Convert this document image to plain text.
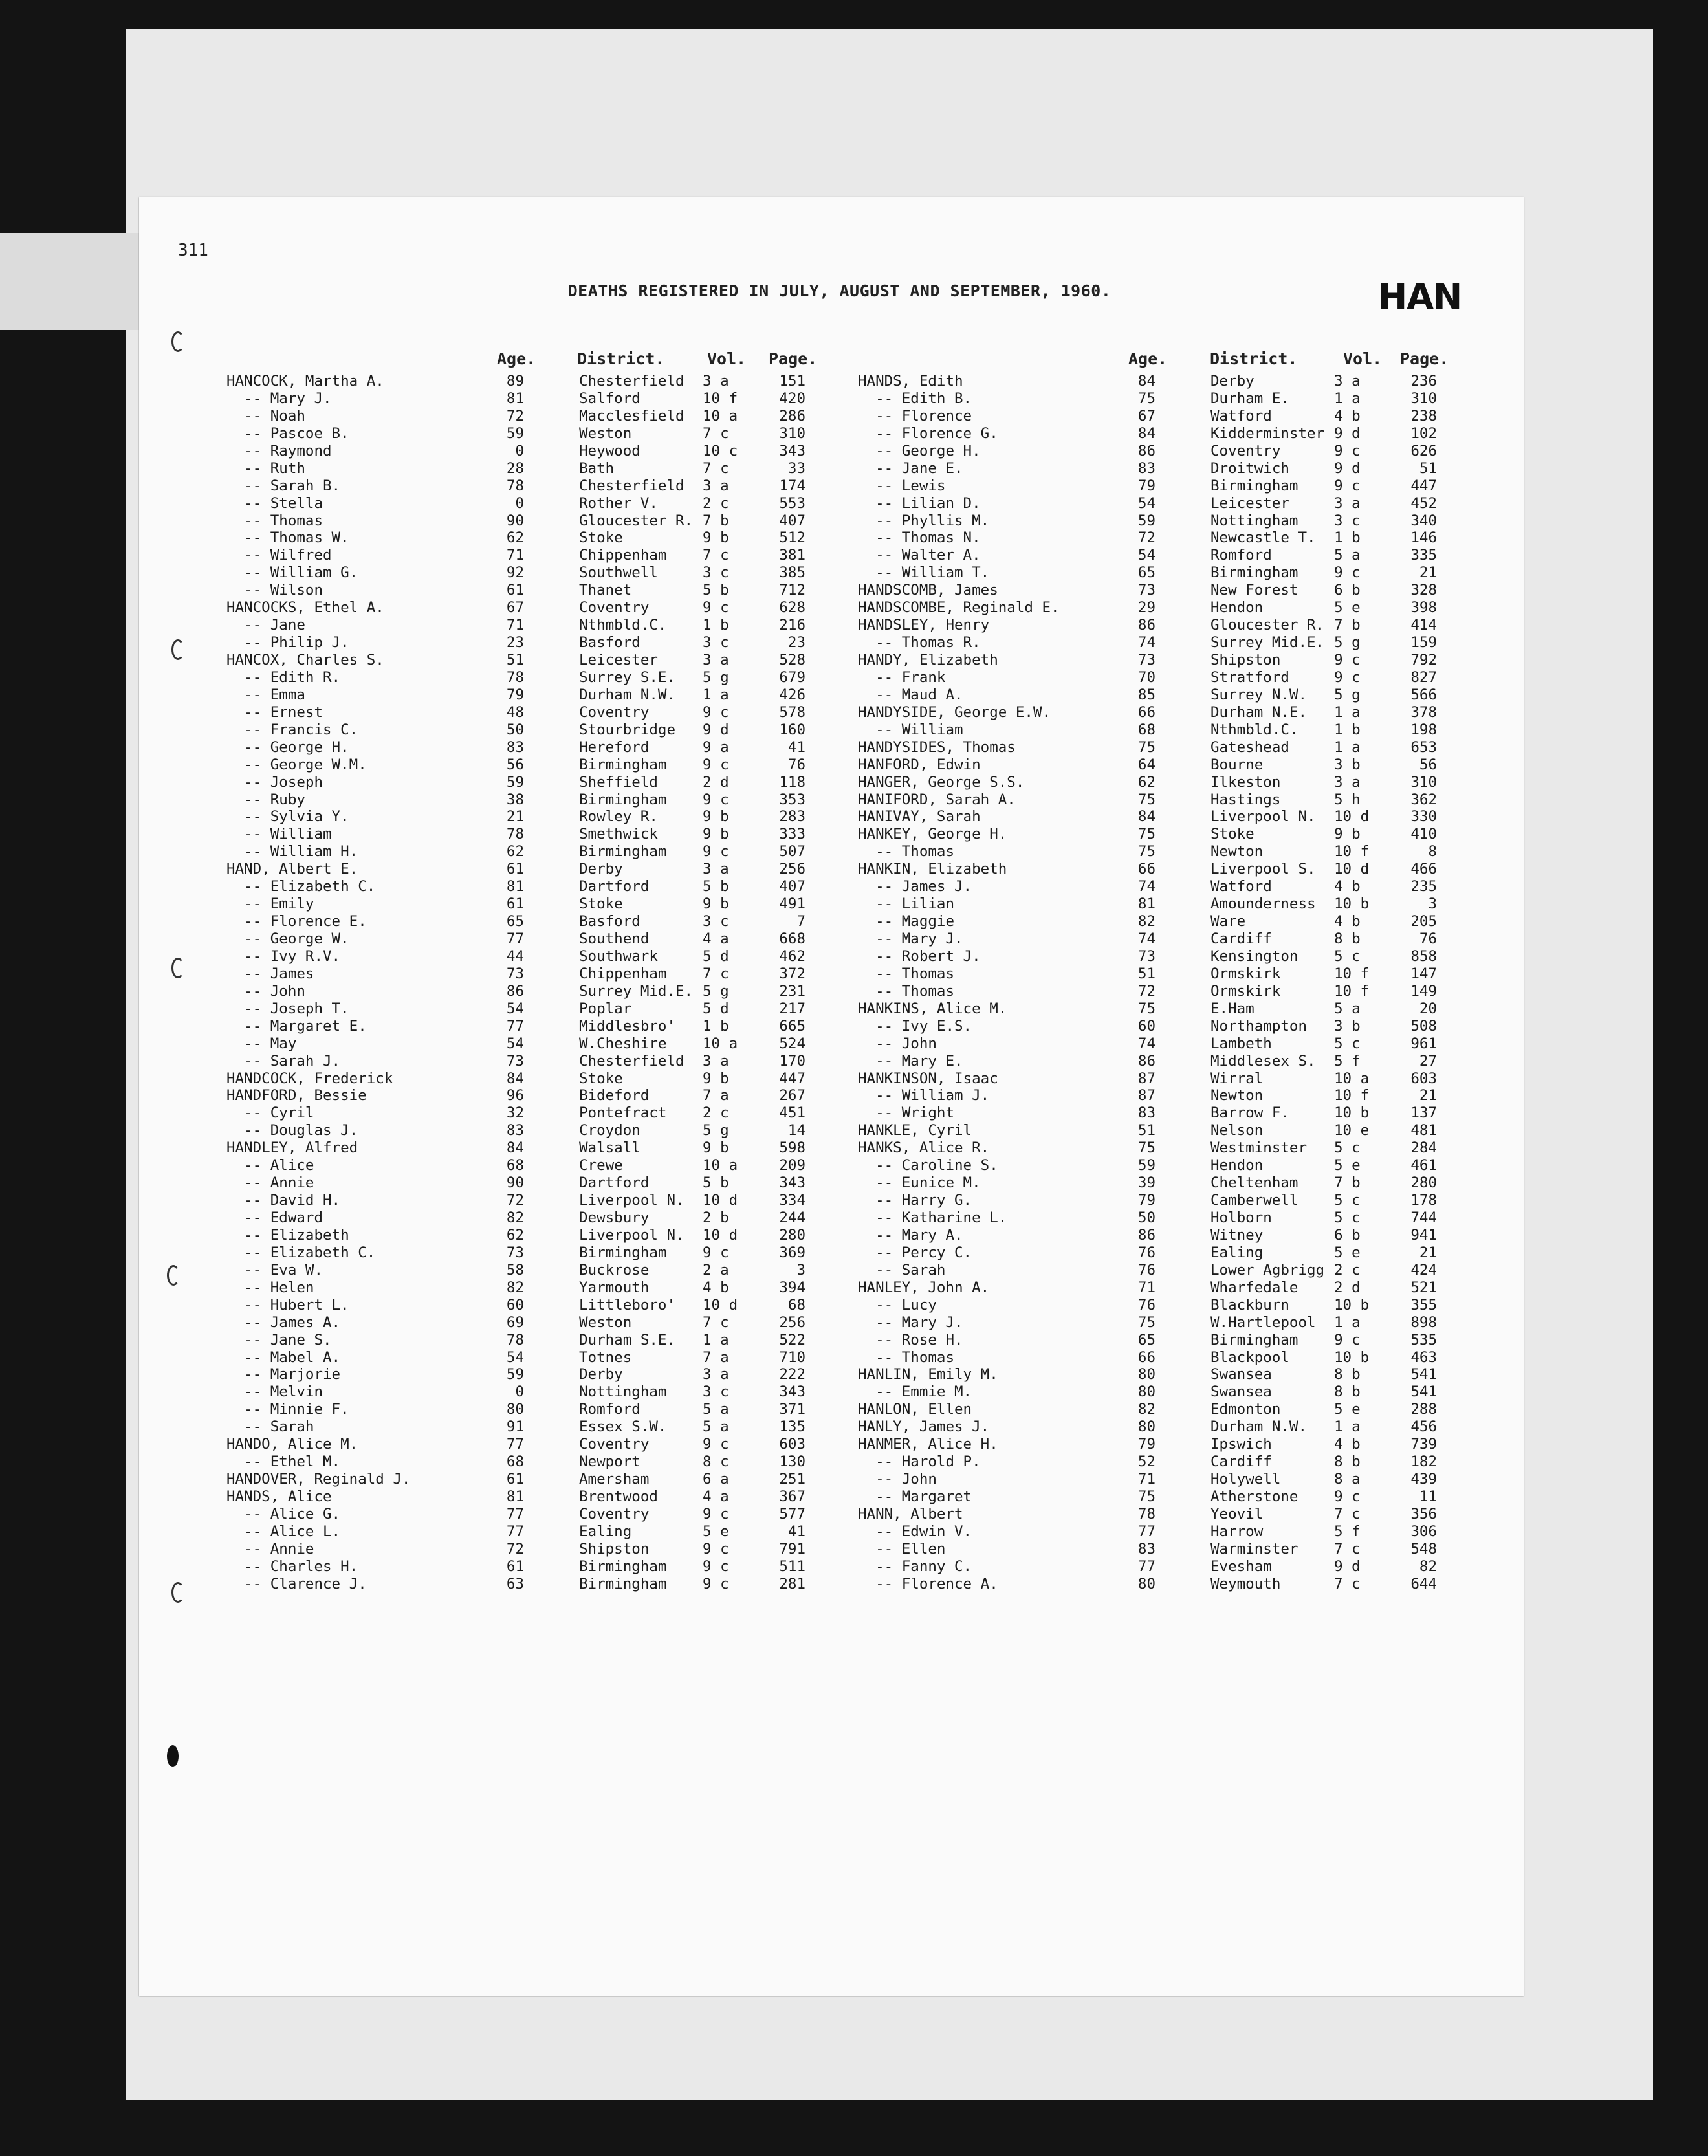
311
DEATHS REGISTERED IN JULY, AUGUST AND SEPTEMBER, 1960.	HAN
Age.	District.	Vol. Page.
HANCOCK, Martha A.	89	Chesterfield 3 a	151
-- Mary J.	81	Salford	10 f	420
-- Noah	72	Macclesfield 10 a	286
-- Pascoe B.	59	Weston	7 c	310
-- Raymond	0	Heywood	10 c	343
-- Ruth	28	Bath	7 c	33
-- Sarah B.	78	Chesterfield 3 a	174
-- Stella	0	Rother V.	2 c	553
-- Thomas	90	Gloucester R. 7 b	407
-- Thomas W.	62	Stoke	9 b	512
-- Wilfred	71	Chippenham 7 c	381
-- William G.	92	Southwell	3 c	385
-- Wilson	61	Thanet	5 b	712
HANCOCKS, Ethel A.	67	Coventry	9 c	628
-- Jane	71	Nthmbld.C. 1 b	216
-- Philip J.	23	Basford	3 c	23
HANCOX, Charles S.	51	Leicester	3 a	528
-- Edith R.	78	Surrey S.E. 5 g	679
-- Emma	79	Durham N.W. 1 a	426
-- Ernest	48	Coventry	9 c	578
-- Francis C.	50	Stourbridge 9 d	160
-- George H.	83	Hereford	9 a	41
-- George W.M.	56	Birmingham 9 c	76
-- Joseph	59	Sheffield	2 d	118
-- Ruby	38	Birmingham 9 c	353
-- Sylvia Y.	21	Rowley R.	9 b	283
-- William	78	Smethwick	9 b	333
-- William H.	62	Birmingham 9 c	507
HAND, Albert E.	61	Derby	3 a	256
-- Elizabeth C.	81	Dartford	5 b	407
-- Emily	61	Stoke	9 b	491
-- Florence E.	65	Basford	3 c	7
-- George W.	77	Southend	4 a	668
-- Ivy R.V.	44	Southwark	5 d	462
-- James	73	Chippenham 7 c	372
-- John	86	Surrey Mid.E. 5 g	231
-- Joseph T.	54	Poplar	5 d	217
-- Margaret E.	77	Middlesbro' 1 b	665
-- May	54	W.Cheshire 10 a	524
-- Sarah J.	73	Chesterfield 3 a	170
HANDCOCK, Frederick	84	Stoke	9 b	447
HANDFORD, Bessie	96	Bideford	7 a	267
-- Cyril	32	Pontefract 2 c	451
-- Douglas J.	83	Croydon	5 g	14
HANDLEY, Alfred	84	Walsall	9 b	598
-- Alice	68	Crewe	10 a	209
-- Annie	90	Dartford	5 b	343
-- David H.	72	Liverpool N. 10 d	334
-- Edward	82	Dewsbury	2 b	244
-- Elizabeth	62	Liverpool N. 10 d	280
-- Elizabeth C.	73	Birmingham 9 c	369
-- Eva W.	58	Buckrose	2 a	3
-- Helen	82	Yarmouth	4 b	394
-- Hubert L.	60	Littleboro' 10 d	68
-- James A.	69	Weston	7 c	256
-- Jane S.	78	Durham S.E. 1 a	522
-- Mabel A.	54	Totnes	7 a	710
-- Marjorie	59	Derby	3 a	222
-- Melvin	0	Nottingham 3 c	343
-- Minnie F.	80	Romford	5 a	371
-- Sarah	91	Essex S.W. 5 a	135
HANDO, Alice M.	77	Coventry	9 c	603
-- Ethel M.	68	Newport	8 c	130
HANDOVER, Reginald J.	61	Amersham	6 a	251
HANDS, Alice	81	Brentwood	4 a	367
-- Alice G.	77	Coventry	9 c	577
-- Alice L.	77	Ealing	5 e	41
-- Annie	72	Shipston	9 c	791
-- Charles H.	61	Birmingham 9 c	511
-- Clarence J.	63	Birmingham 9 c	281
Age.	District.	Vol. Page.
HANDS, Edith	84	Derby	3 a	236
-- Edith B.	75	Durham E.	1 a	310
-- Florence	67	Watford	4 b	238
-- Florence G.	84	Kidderminster 9 d	102
-- George H.	86	Coventry	9 c	626
-- Jane E.	83	Droitwich	9 d	51
-- Lewis	79	Birmingham 9 c	447
-- Lilian D.	54	Leicester	3 a	452
-- Phyllis M.	59	Nottingham 3 c	340
-- Thomas N.	72	Newcastle T. 1 b	146
-- Walter A.	54	Romford	5 a	335
-- William T.	65	Birmingham 9 c	21
HANDSCOMB, James	73	New Forest 6 b	328
HANDSCOMBE, Reginald E.	29	Hendon	5 e	398
HANDSLEY, Henry	86	Gloucester R. 7 b	414
-- Thomas R.	74	Surrey Mid.E. 5 g	159
HANDY, Elizabeth	73	Shipston	9 c	792
-- Frank	70	Stratford	9 c	827
-- Maud A.	85	Surrey N.W. 5 g	566
HANDYSIDE, George E.W.	66	Durham N.E. 1 a	378
-- William	68	Nthmbld.C. 1 b	198
HANDYSIDES, Thomas	75	Gateshead	1 a	653
HANFORD, Edwin	64	Bourne	3 b	56
HANGER, George S.S.	62	Ilkeston	3 a	310
HANIFORD, Sarah A.	75	Hastings	5 h	362
HANIVAY, Sarah	84	Liverpool N. 10 d	330
HANKEY, George H.	75	Stoke	9 b	410
-- Thomas	75	Newton	10 f	8
HANKIN, Elizabeth	66	Liverpool S. 10 d	466
-- James J.	74	Watford	4 b	235
-- Lilian	81	Amounderness 10 b	3
-- Maggie	82	Ware	4 b	205
-- Mary J.	74	Cardiff	8 b	76
-- Robert J.	73	Kensington 5 c	858
-- Thomas	51	Ormskirk	10 f	147
-- Thomas	72	Ormskirk	10 f	149
HANKINS, Alice M.	75	E.Ham	5 a	20
-- Ivy E.S.	60	Northampton 3 b	508
-- John	74	Lambeth	5 c	961
-- Mary E.	86	Middlesex S. 5 f	27
HANKINSON, Isaac	87	Wirral	10 a	603
-- William J.	87	Newton	10 f	21
-- Wright	83	Barrow F.	10 b	137
HANKLE, Cyril	51	Nelson	10 e	481
HANKS, Alice R.	75	Westminster 5 c	284
-- Caroline S.	59	Hendon	5 e	461
-- Eunice M.	39	Cheltenham 7 b	280
-- Harry G.	79	Camberwell 5 c	178
-- Katharine L.	50	Holborn	5 c	744
-- Mary A.	86	Witney	6 b	941
-- Percy C.	76	Ealing	5 e	21
-- Sarah	76	Lower Agbrigg 2 c	424
HANLEY, John A.	71	Wharfedale 2 d	521
-- Lucy	76	Blackburn	10 b	355
-- Mary J.	75	W.Hartlepool 1 a	898
-- Rose H.	65	Birmingham 9 c	535
-- Thomas	66	Blackpool	10 b	463
HANLIN, Emily M.	80	Swansea	8 b	541
-- Emmie M.	80	Swansea	8 b	541
HANLON, Ellen	82	Edmonton	5 e	288
HANLY, James J.	80	Durham N.W. 1 a	456
HANMER, Alice H.	79	Ipswich	4 b	739
-- Harold P.	52	Cardiff	8 b	182
-- John	71	Holywell	8 a	439
-- Margaret	75	Atherstone 9 c	11
HANN, Albert	78	Yeovil	7 c	356
-- Edwin V.	77	Harrow	5 f	306
-- Ellen	83	Warminster 7 c	548
-- Fanny C.	77	Evesham	9 d	82
-- Florence A.	80	Weymouth	7 c	644
